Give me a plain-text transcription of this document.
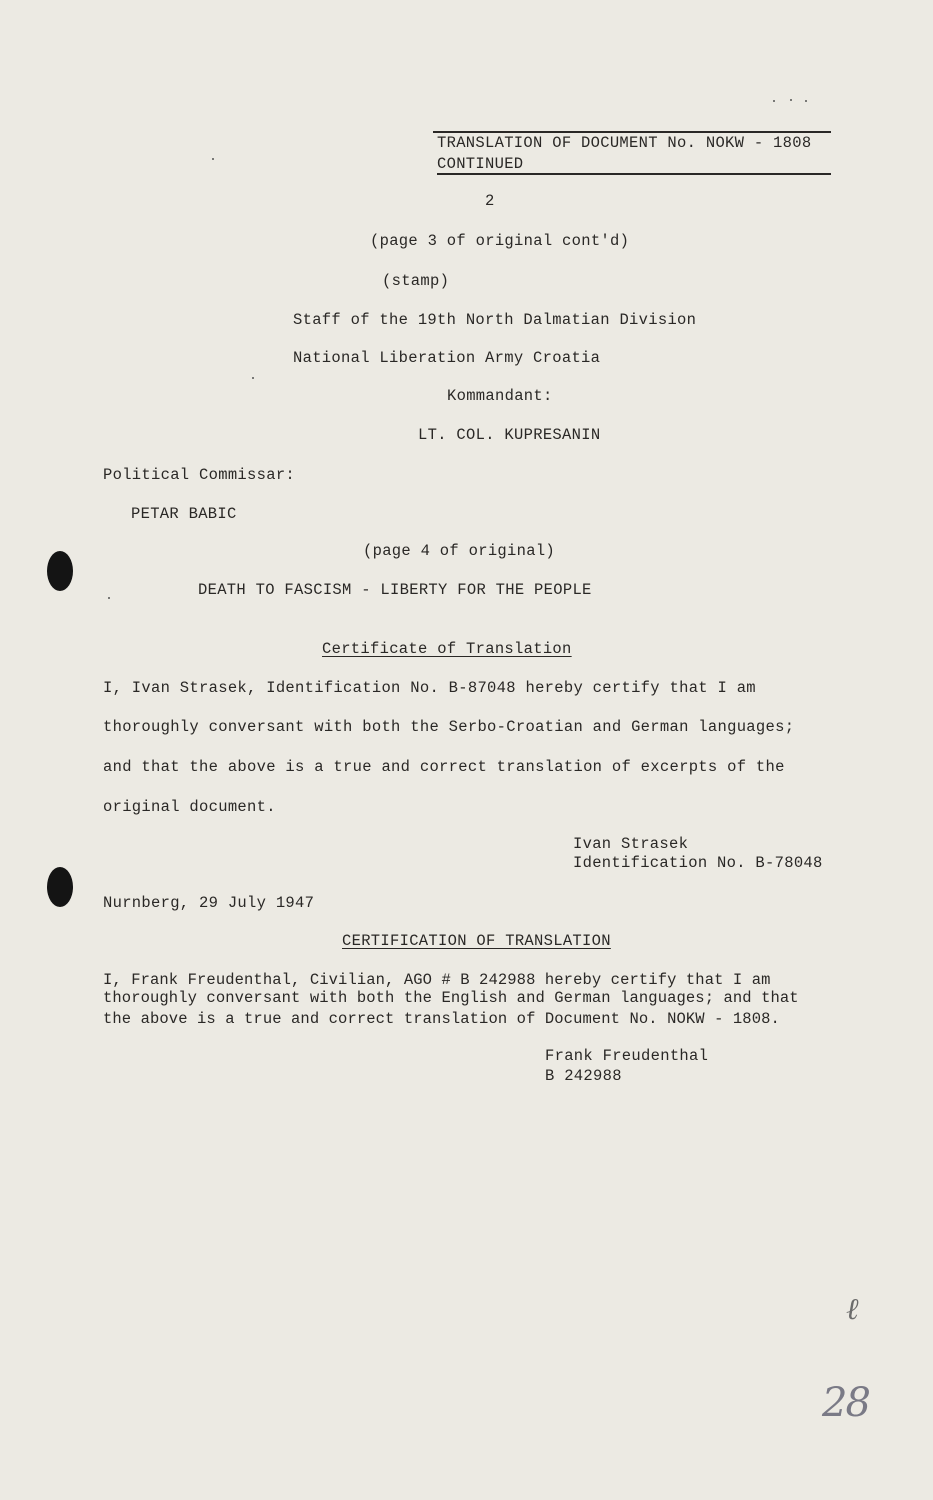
TRANSLATION OF DOCUMENT No. NOKW - 1808
CONTINUED
2
(page 3 of original cont'd)
(stamp)
Staff of the 19th North Dalmatian Division
National Liberation Army Croatia
Kommandant:
LT. COL. KUPRESANIN
Political Commissar:
PETAR BABIC
(page 4 of original)
DEATH TO FASCISM - LIBERTY FOR THE PEOPLE
Certificate of Translation
I, Ivan Strasek, Identification No. B-87048 hereby certify that I am
thoroughly conversant with both the Serbo-Croatian and German languages;
and that the above is a true and correct translation of excerpts of the
original document.
Ivan Strasek
Identification No. B-78048
Nurnberg, 29 July 1947
CERTIFICATION OF TRANSLATION
I, Frank Freudenthal, Civilian, AGO # B 242988 hereby certify that I am
thoroughly conversant with both the English and German languages; and that
the above is a true and correct translation of Document No. NOKW - 1808.
Frank Freudenthal
B 242988
ℓ
28
